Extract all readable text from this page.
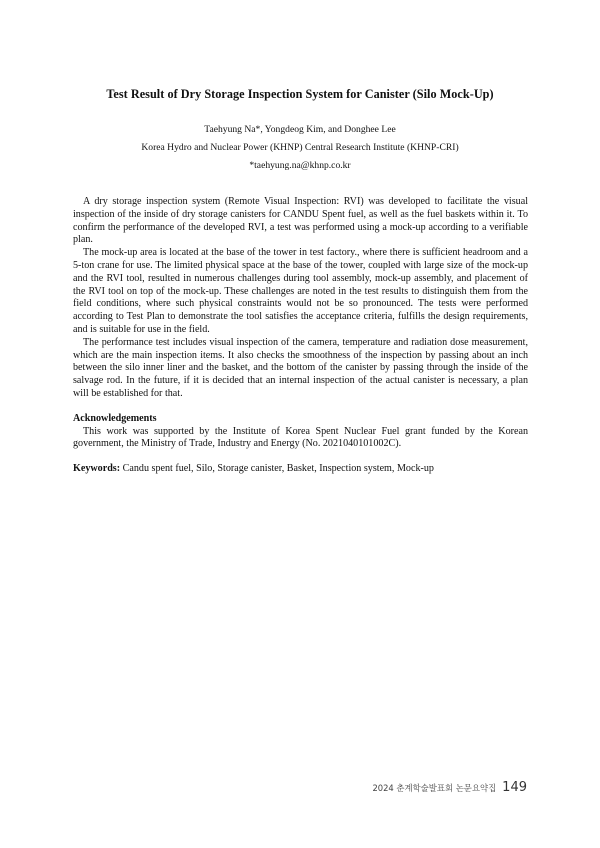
Test Result of Dry Storage Inspection System for Canister (Silo Mock-Up)
Taehyung Na*, Yongdeog Kim, and Donghee Lee
Korea Hydro and Nuclear Power (KHNP) Central Research Institute (KHNP-CRI)
*taehyung.na@khnp.co.kr

A dry storage inspection system (Remote Visual Inspection: RVI) was developed to facilitate the visual inspection of the inside of dry storage canisters for CANDU Spent fuel, as well as the fuel baskets within it. To confirm the performance of the developed RVI, a test was performed using a mock-up according to a verifiable plan.

The mock-up area is located at the base of the tower in test factory., where there is sufficient headroom and a 5-ton crane for use. The limited physical space at the base of the tower, coupled with large size of the mock-up and the RVI tool, resulted in numerous challenges during tool assembly, mock-up assembly, and placement of the RVI tool on top of the mock-up. These challenges are noted in the test results to distinguish them from the field conditions, where such physical constraints would not be so pronounced. The tests were performed according to Test Plan to demonstrate the tool satisfies the acceptance criteria, fulfills the design requirements, and is suitable for use in the field.

The performance test includes visual inspection of the camera, temperature and radiation dose measurement, which are the main inspection items. It also checks the smoothness of the inspection by passing about an inch between the silo inner liner and the basket, and the bottom of the canister by passing through the inside of the salvage rod. In the future, if it is decided that an internal inspection of the actual canister is necessary, a plan will be established for that.

Acknowledgements

This work was supported by the Institute of Korea Spent Nuclear Fuel grant funded by the Korean government, the Ministry of Trade, Industry and Energy (No. 2021040101002C).

Keywords: Candu spent fuel, Silo, Storage canister, Basket, Inspection system, Mock-up
2024 춘계학술발표회 논문요약집 149
